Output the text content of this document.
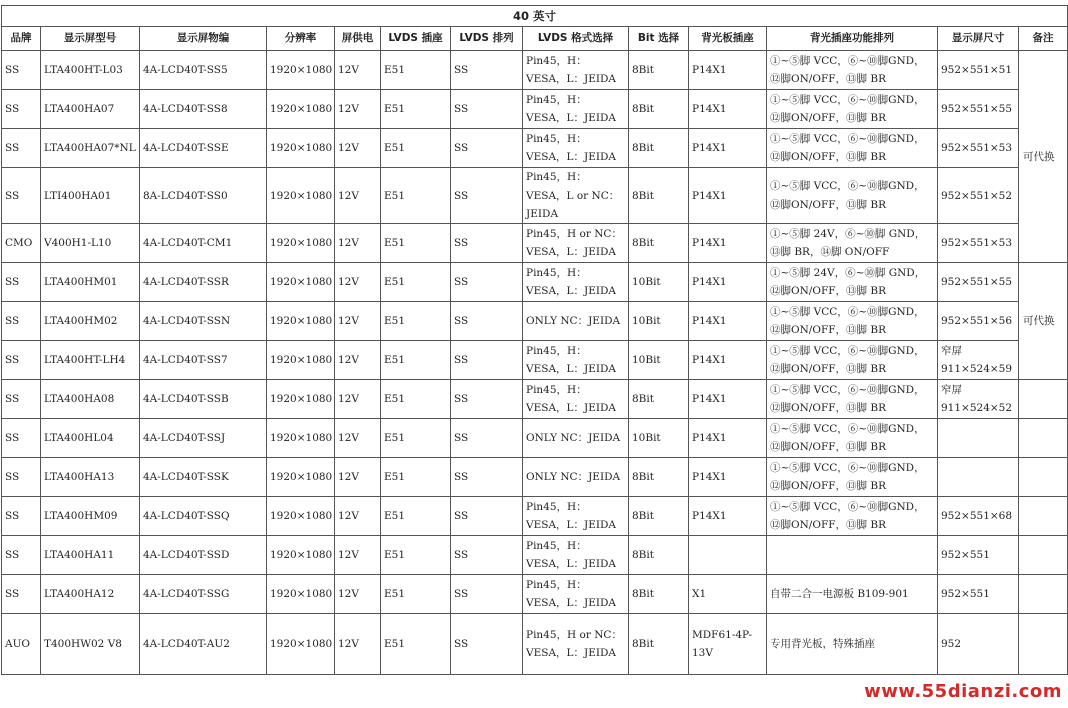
40 英寸												
品牌	显示屏型号	显示屏物编	分辨率	屏供电	LVDS 插座	LVDS 排列	LVDS 格式选择	Bit 选择	背光板插座	背光插座功能排列	显示屏尺寸	备注
SS	LTA400HT-L03	4A-LCD40T-SS5	1920×1080	12V	E51	SS	Pin45，H：VESA，L：JEIDA	8Bit	P14X1	①~⑤脚 VCC，⑥~⑩脚GND，⑫脚ON/OFF，⑬脚 BR	952×551×51	可代换
SS	LTA400HA07	4A-LCD40T-SS8	1920×1080	12V	E51	SS	Pin45，H：VESA，L：JEIDA	8Bit	P14X1	①~⑤脚 VCC，⑥~⑩脚GND，⑫脚ON/OFF，⑬脚 BR	952×551×55	
SS	LTA400HA07*NL	4A-LCD40T-SSE	1920×1080	12V	E51	SS	Pin45，H：VESA，L：JEIDA	8Bit	P14X1	①~⑤脚 VCC，⑥~⑩脚GND，⑫脚ON/OFF，⑬脚 BR	952×551×53	
SS	LTI400HA01	8A-LCD40T-SS0	1920×1080	12V	E51	SS	Pin45，H：VESA，L or NC：JEIDA	8Bit	P14X1	①~⑤脚 VCC，⑥~⑩脚GND，⑫脚ON/OFF，⑬脚 BR	952×551×52	
CMO	V400H1-L10	4A-LCD40T-CM1	1920×1080	12V	E51	SS	Pin45，H or NC：VESA，L：JEIDA	8Bit	P14X1	①~⑤脚 24V，⑥~⑩脚 GND，⑬脚 BR，⑭脚 ON/OFF	952×551×53	
SS	LTA400HM01	4A-LCD40T-SSR	1920×1080	12V	E51	SS	Pin45，H：VESA，L：JEIDA	10Bit	P14X1	①~⑤脚 24V，⑥~⑩脚 GND，⑫脚ON/OFF，⑬脚 BR	952×551×55	可代换
SS	LTA400HM02	4A-LCD40T-SSN	1920×1080	12V	E51	SS	ONLY NC：JEIDA	10Bit	P14X1	①~⑤脚 VCC，⑥~⑩脚GND，⑫脚ON/OFF，⑬脚 BR	952×551×56	
SS	LTA400HT-LH4	4A-LCD40T-SS7	1920×1080	12V	E51	SS	Pin45，H：VESA，L：JEIDA	10Bit	P14X1	①~⑤脚 VCC，⑥~⑩脚GND，⑫脚ON/OFF，⑬脚 BR	窄屏 911×524×59	
SS	LTA400HA08	4A-LCD40T-SSB	1920×1080	12V	E51	SS	Pin45，H：VESA，L：JEIDA	8Bit	P14X1	①~⑤脚 VCC，⑥~⑩脚GND，⑫脚ON/OFF，⑬脚 BR	窄屏 911×524×52	
SS	LTA400HL04	4A-LCD40T-SSJ	1920×1080	12V	E51	SS	ONLY NC：JEIDA	10Bit	P14X1	①~⑤脚 VCC，⑥~⑩脚GND，⑫脚ON/OFF，⑬脚 BR		
SS	LTA400HA13	4A-LCD40T-SSK	1920×1080	12V	E51	SS	ONLY NC：JEIDA	8Bit	P14X1	①~⑤脚 VCC，⑥~⑩脚GND，⑫脚ON/OFF，⑬脚 BR		
SS	LTA400HM09	4A-LCD40T-SSQ	1920×1080	12V	E51	SS	Pin45，H：VESA，L：JEIDA	8Bit	P14X1	①~⑤脚 VCC，⑥~⑩脚GND，⑫脚ON/OFF，⑬脚 BR	952×551×68	
SS	LTA400HA11	4A-LCD40T-SSD	1920×1080	12V	E51	SS	Pin45，H：VESA，L：JEIDA	8Bit			952×551	
SS	LTA400HA12	4A-LCD40T-SSG	1920×1080	12V	E51	SS	Pin45，H：VESA，L：JEIDA	8Bit	X1	自带二合一电源板 B109-901	952×551	
AUO	T400HW02 V8	4A-LCD40T-AU2	1920×1080	12V	E51	SS	Pin45，H or NC：VESA，L：JEIDA	8Bit	MDF61-4P-13V	专用背光板，特殊插座	952	
www.55dianzi.com
